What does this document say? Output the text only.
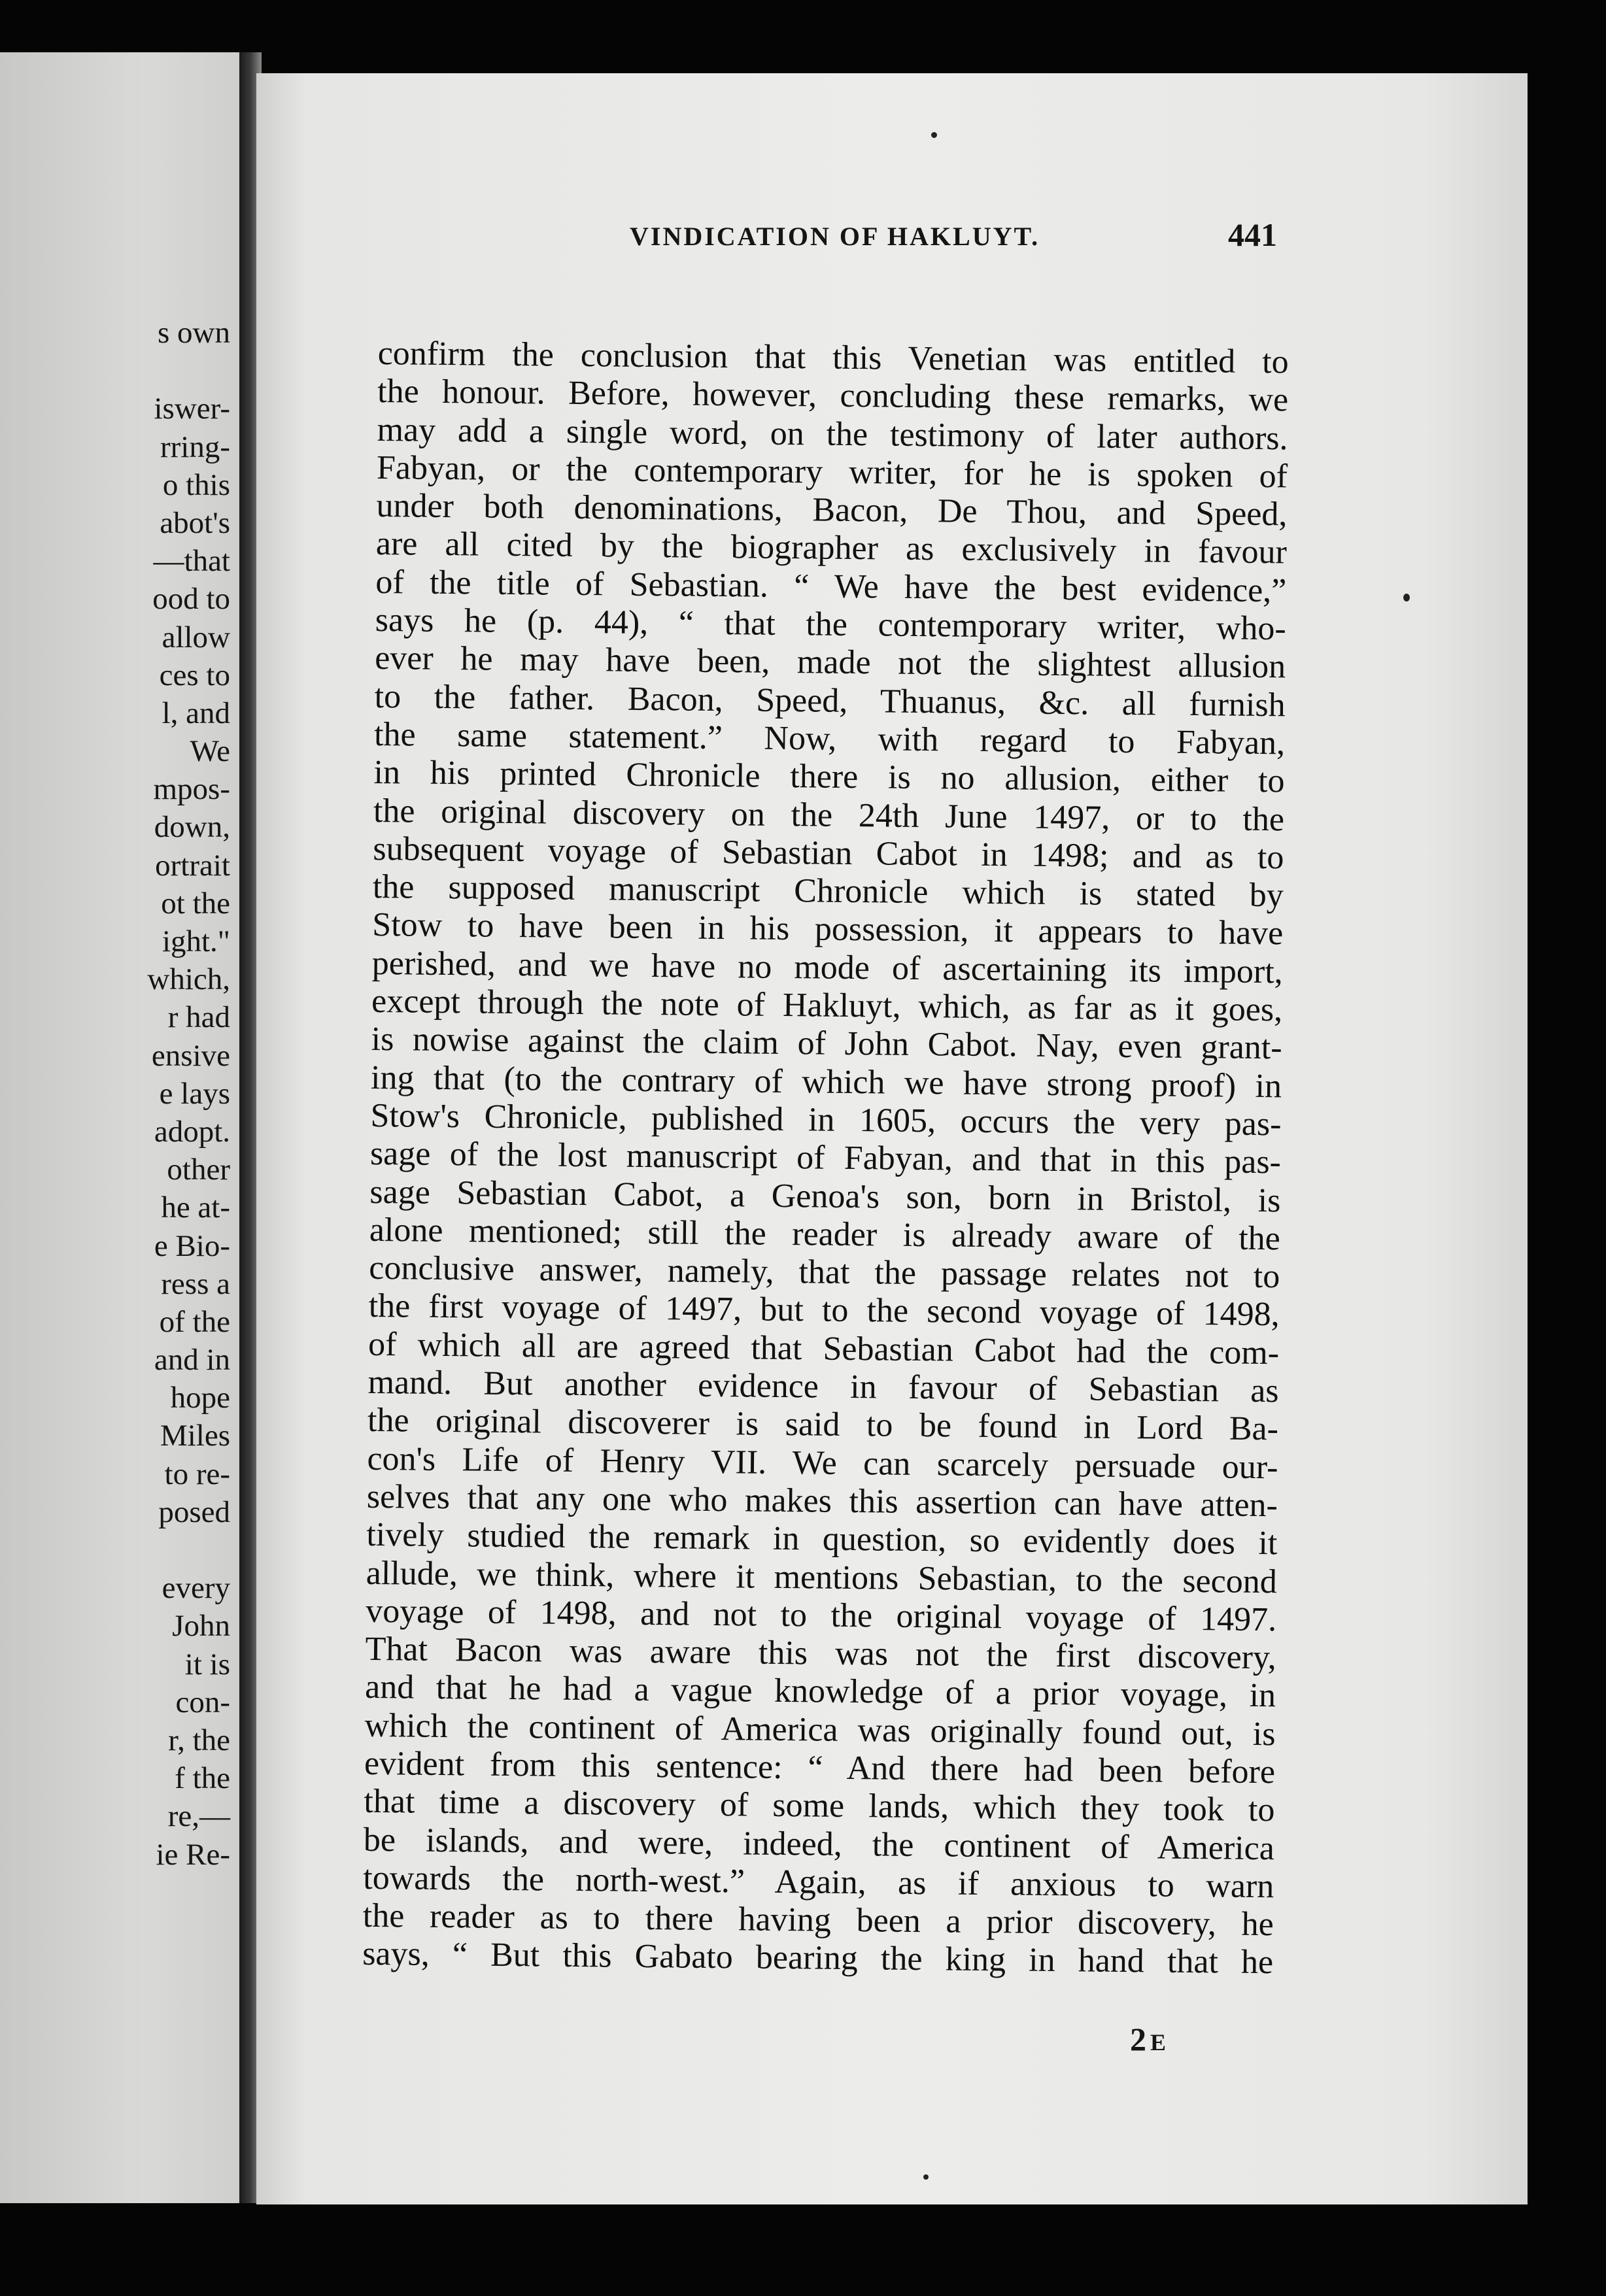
s own
iswer-
rring-
o this
abot's
—that
ood to
allow
ces to
l, and
We
mpos-
down,
ortrait
ot the
ight."
which,
r had
ensive
e lays
adopt.
other
he at-
e Bio-
ress a
of the
and in
hope
Miles
to re-
posed
every
John
it is
con-
r, the
f the
re,—
ie Re-
VINDICATION OF HAKLUYT.	441
confirm the conclusion that this Venetian was entitled to
the honour. Before, however, concluding these remarks, we
may add a single word, on the testimony of later authors.
Fabyan, or the contemporary writer, for he is spoken of
under both denominations, Bacon, De Thou, and Speed,
are all cited by the biographer as exclusively in favour
of the title of Sebastian. “ We have the best evidence,”
says he (p. 44), “ that the contemporary writer, who-
ever he may have been, made not the slightest allusion
to the father. Bacon, Speed, Thuanus, &c. all furnish
the same statement.” Now, with regard to Fabyan,
in his printed Chronicle there is no allusion, either to
the original discovery on the 24th June 1497, or to the
subsequent voyage of Sebastian Cabot in 1498; and as to
the supposed manuscript Chronicle which is stated by
Stow to have been in his possession, it appears to have
perished, and we have no mode of ascertaining its import,
except through the note of Hakluyt, which, as far as it goes,
is nowise against the claim of John Cabot. Nay, even grant-
ing that (to the contrary of which we have strong proof) in
Stow's Chronicle, published in 1605, occurs the very pas-
sage of the lost manuscript of Fabyan, and that in this pas-
sage Sebastian Cabot, a Genoa's son, born in Bristol, is
alone mentioned; still the reader is already aware of the
conclusive answer, namely, that the passage relates not to
the first voyage of 1497, but to the second voyage of 1498,
of which all are agreed that Sebastian Cabot had the com-
mand. But another evidence in favour of Sebastian as
the original discoverer is said to be found in Lord Ba-
con's Life of Henry VII. We can scarcely persuade our-
selves that any one who makes this assertion can have atten-
tively studied the remark in question, so evidently does it
allude, we think, where it mentions Sebastian, to the second
voyage of 1498, and not to the original voyage of 1497.
That Bacon was aware this was not the first discovery,
and that he had a vague knowledge of a prior voyage, in
which the continent of America was originally found out, is
evident from this sentence: “ And there had been before
that time a discovery of some lands, which they took to
be islands, and were, indeed, the continent of America
towards the north-west.” Again, as if anxious to warn
the reader as to there having been a prior discovery, he
says, “ But this Gabato bearing the king in hand that he
2E
